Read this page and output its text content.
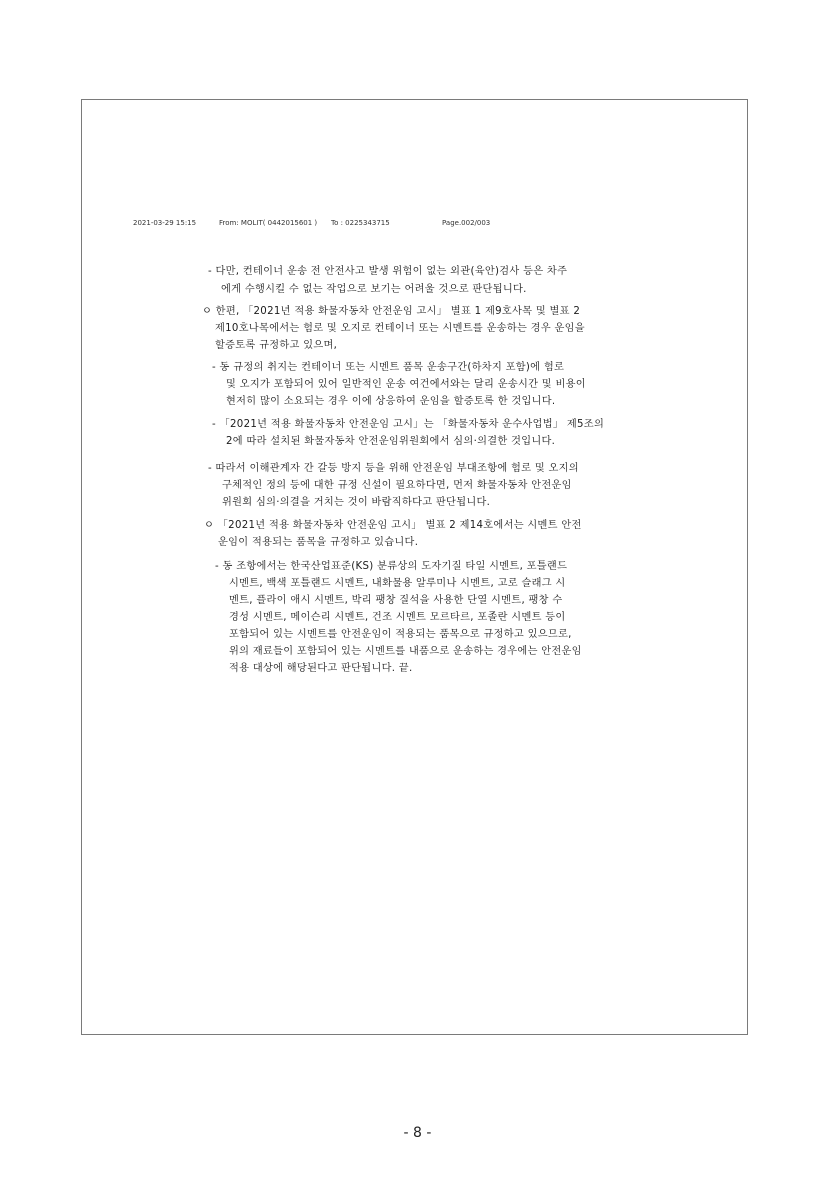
2021-03-29 15:15	From: MOLIT( 0442015601 ) To : 0225343715	Page.002/003
- 다만, 컨테이너 운송 전 안전사고 발생 위험이 없는 외관(육안)검사 등은 차주
에게 수행시킬 수 없는 작업으로 보기는 어려울 것으로 판단됩니다.
ㅇ 한편, 「2021년 적용 화물자동차 안전운임 고시」 별표 1 제9호사목 및 별표 2
제10호나목에서는 험로 및 오지로 컨테이너 또는 시멘트를 운송하는 경우 운임을
할증토록 규정하고 있으며,
- 동 규정의 취지는 컨테이너 또는 시멘트 품목 운송구간(하차지 포함)에 험로
및 오지가 포함되어 있어 일반적인 운송 여건에서와는 달리 운송시간 및 비용이
현저히 많이 소요되는 경우 이에 상응하여 운임을 할증토록 한 것입니다.
- 「2021년 적용 화물자동차 안전운임 고시」는 「화물자동차 운수사업법」 제5조의
2에 따라 설치된 화물자동차 안전운임위원회에서 심의·의결한 것입니다.
- 따라서 이해관계자 간 갈등 방지 등을 위해 안전운임 부대조항에 험로 및 오지의
구체적인 정의 등에 대한 규정 신설이 필요하다면, 먼저 화물자동차 안전운임
위원회 심의·의결을 거치는 것이 바람직하다고 판단됩니다.
ㅇ 「2021년 적용 화물자동차 안전운임 고시」 별표 2 제14호에서는 시멘트 안전
운임이 적용되는 품목을 규정하고 있습니다.
- 동 조항에서는 한국산업표준(KS) 분류상의 도자기질 타일 시멘트, 포틀랜드
시멘트, 백색 포틀랜드 시멘트, 내화물용 알루미나 시멘트, 고로 슬래그 시
멘트, 플라이 애시 시멘트, 박리 팽창 질석을 사용한 단열 시멘트, 팽창 수
경성 시멘트, 메이슨리 시멘트, 건조 시멘트 모르타르, 포졸란 시멘트 등이
포함되어 있는 시멘트를 안전운임이 적용되는 품목으로 규정하고 있으므로,
위의 재료들이 포함되어 있는 시멘트를 내품으로 운송하는 경우에는 안전운임
적용 대상에 해당된다고 판단됩니다. 끝.
- 8 -
